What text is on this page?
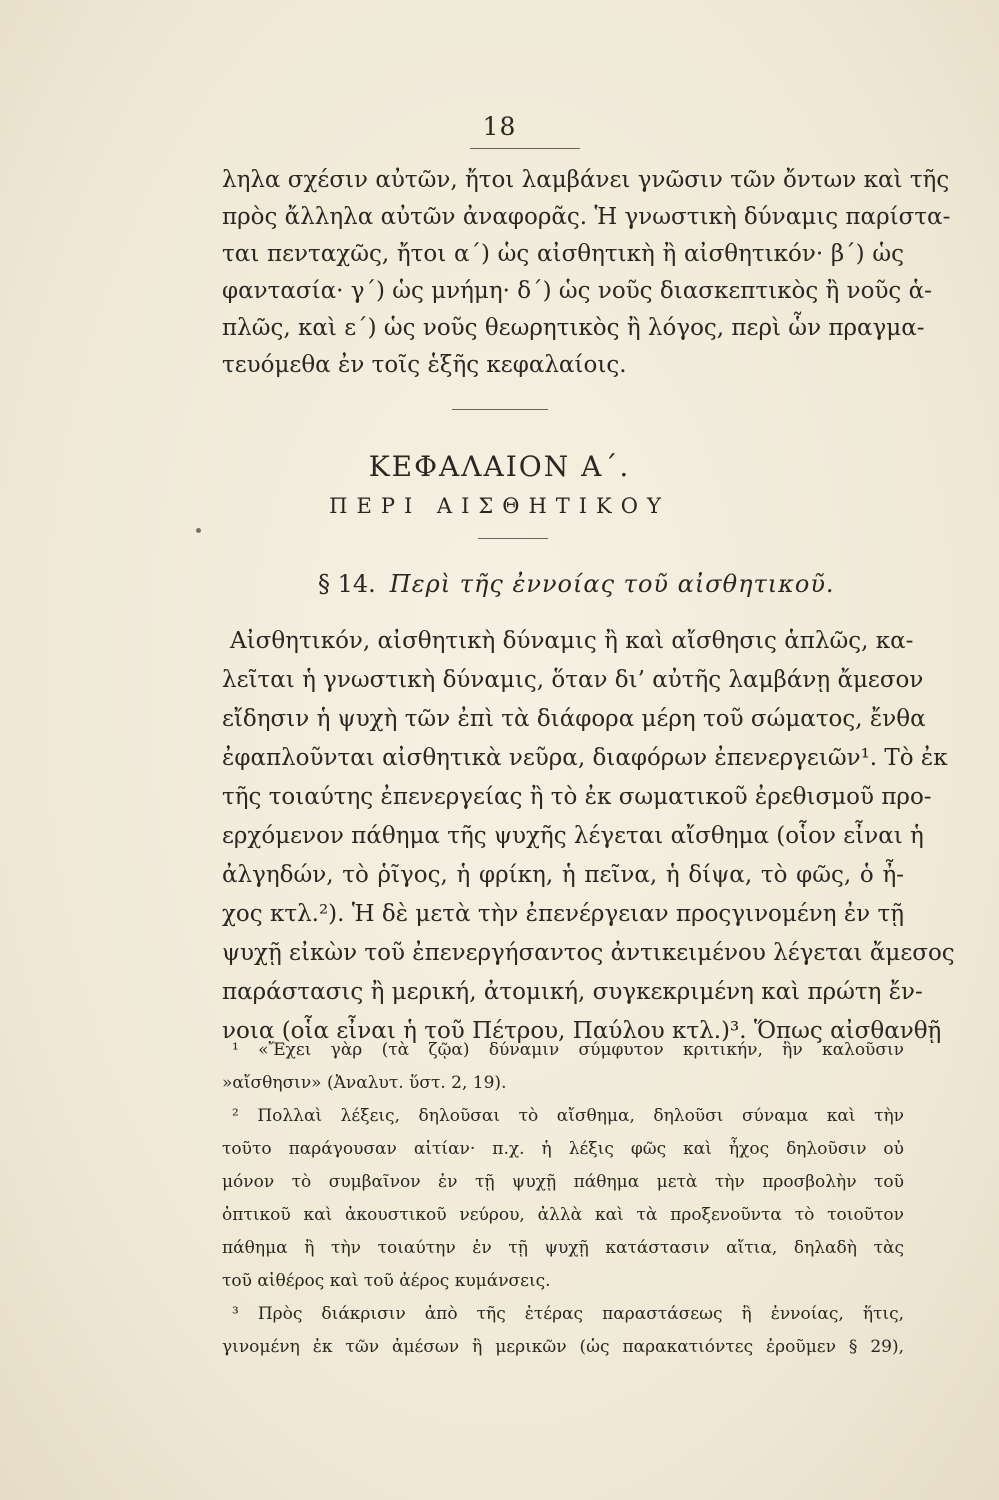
18
ληλα σχέσιν αὐτῶν, ἤτοι λαμβάνει γνῶσιν τῶν ὄντων καὶ τῆς
πρὸς ἄλληλα αὐτῶν ἀναφορᾶς. Ἡ γνωστικὴ δύναμις παρίστα-
ται πενταχῶς, ἤτοι α΄) ὡς αἰσθητικὴ ἢ αἰσθητικόν· β΄) ὡς
φαντασία· γ΄) ὡς μνήμη· δ΄) ὡς νοῦς διασκεπτικὸς ἢ νοῦς ἁ-
πλῶς, καὶ ε΄) ὡς νοῦς θεωρητικὸς ἢ λόγος, περὶ ὧν πραγμα-
τευόμεθα ἐν τοῖς ἑξῆς κεφαλαίοις.
ΚΕΦΑΛΑΙΟΝ Α΄.
ΠΕΡΙ ΑΙΣΘΗΤΙΚΟΥ
§ 14. Περὶ τῆς ἐννοίας τοῦ αἰσθητικοῦ.
Αἰσθητικόν, αἰσθητικὴ δύναμις ἢ καὶ αἴσθησις ἁπλῶς, κα-
λεῖται ἡ γνωστικὴ δύναμις, ὅταν δι’ αὐτῆς λαμβάνῃ ἄμεσον
εἴδησιν ἡ ψυχὴ τῶν ἐπὶ τὰ διάφορα μέρη τοῦ σώματος, ἔνθα
ἐφαπλοῦνται αἰσθητικὰ νεῦρα, διαφόρων ἐπενεργειῶν¹. Τὸ ἐκ
τῆς τοιαύτης ἐπενεργείας ἢ τὸ ἐκ σωματικοῦ ἐρεθισμοῦ προ-
ερχόμενον πάθημα τῆς ψυχῆς λέγεται αἴσθημα (οἷον εἶναι ἡ
ἀλγηδών, τὸ ῥῖγος, ἡ φρίκη, ἡ πεῖνα, ἡ δίψα, τὸ φῶς, ὁ ἦ-
χος κτλ.²). Ἡ δὲ μετὰ τὴν ἐπενέργειαν προςγινομένη ἐν τῇ
ψυχῇ εἰκὼν τοῦ ἐπενεργήσαντος ἀντικειμένου λέγεται ἄμεσος
παράστασις ἢ μερική, ἀτομική, συγκεκριμένη καὶ πρώτη ἔν-
νοια (οἷα εἶναι ἡ τοῦ Πέτρου, Παύλου κτλ.)³. Ὅπως αἰσθανθῇ
¹ «Ἔχει γὰρ (τὰ ζῷα) δύναμιν σύμφυτον κριτικήν, ἣν καλοῦσιν
»αἴσθησιν» (Ἀναλυτ. ὕστ. 2, 19).
² Πολλαὶ λέξεις, δηλοῦσαι τὸ αἴσθημα, δηλοῦσι σύναμα καὶ τὴν
τοῦτο παράγουσαν αἰτίαν· π.χ. ἡ λέξις φῶς καὶ ἦχος δηλοῦσιν οὐ
μόνον τὸ συμβαῖνον ἐν τῇ ψυχῇ πάθημα μετὰ τὴν προσβολὴν τοῦ
ὀπτικοῦ καὶ ἀκουστικοῦ νεύρου, ἀλλὰ καὶ τὰ προξενοῦντα τὸ τοιοῦτον
πάθημα ἢ τὴν τοιαύτην ἐν τῇ ψυχῇ κατάστασιν αἴτια, δηλαδὴ τὰς
τοῦ αἰθέρος καὶ τοῦ ἀέρος κυμάνσεις.
³ Πρὸς διάκρισιν ἀπὸ τῆς ἑτέρας παραστάσεως ἢ ἐννοίας, ἥτις,
γινομένη ἐκ τῶν ἀμέσων ἢ μερικῶν (ὡς παρακατιόντες ἐροῦμεν § 29),
